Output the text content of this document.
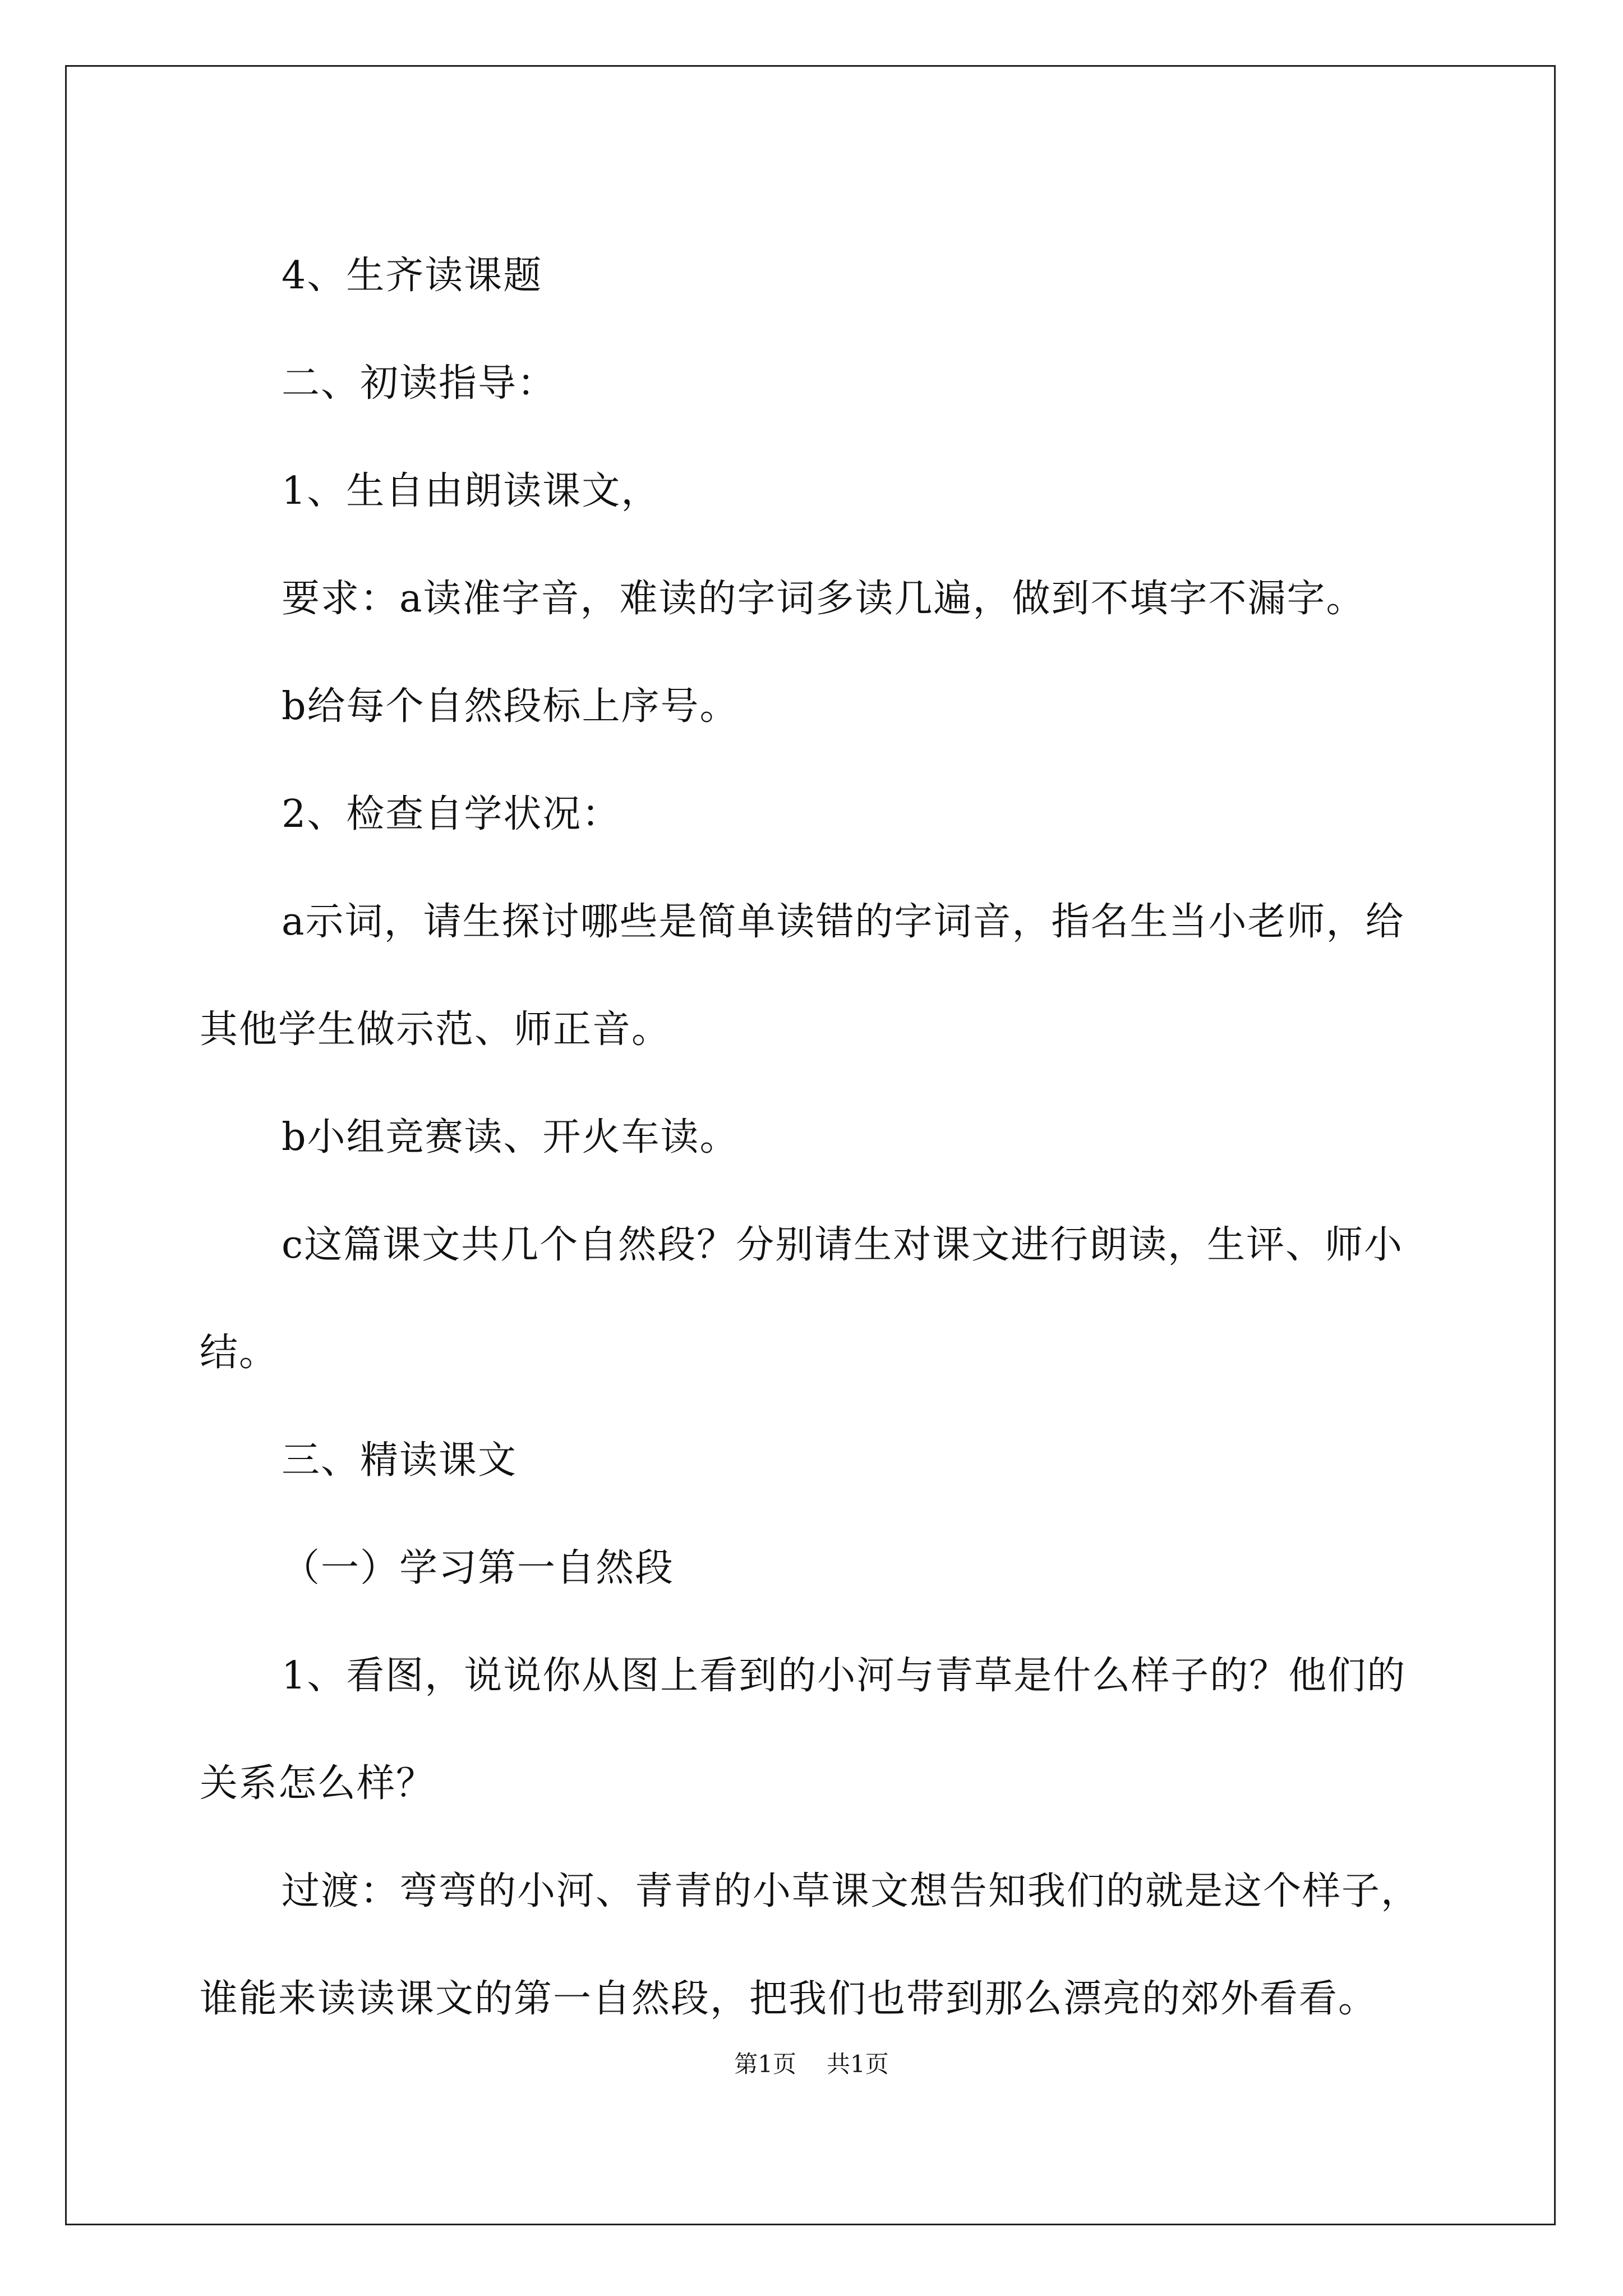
4、生齐读课题

二、初读指导：

1、生自由朗读课文，

要求：a读准字音，难读的字词多读几遍，做到不填字不漏字。

b给每个自然段标上序号。

2、检查自学状况：

a示词，请生探讨哪些是简单读错的字词音，指名生当小老师，给其他学生做示范、师正音。

b小组竞赛读、开火车读。

c这篇课文共几个自然段？分别请生对课文进行朗读，生评、师小结。

三、精读课文

（一）学习第一自然段

1、看图，说说你从图上看到的小河与青草是什么样子的？他们的关系怎么样？

过渡：弯弯的小河、青青的小草课文想告知我们的就是这个样子，谁能来读读课文的第一自然段，把我们也带到那么漂亮的郊外看看。

第1页 共1页
